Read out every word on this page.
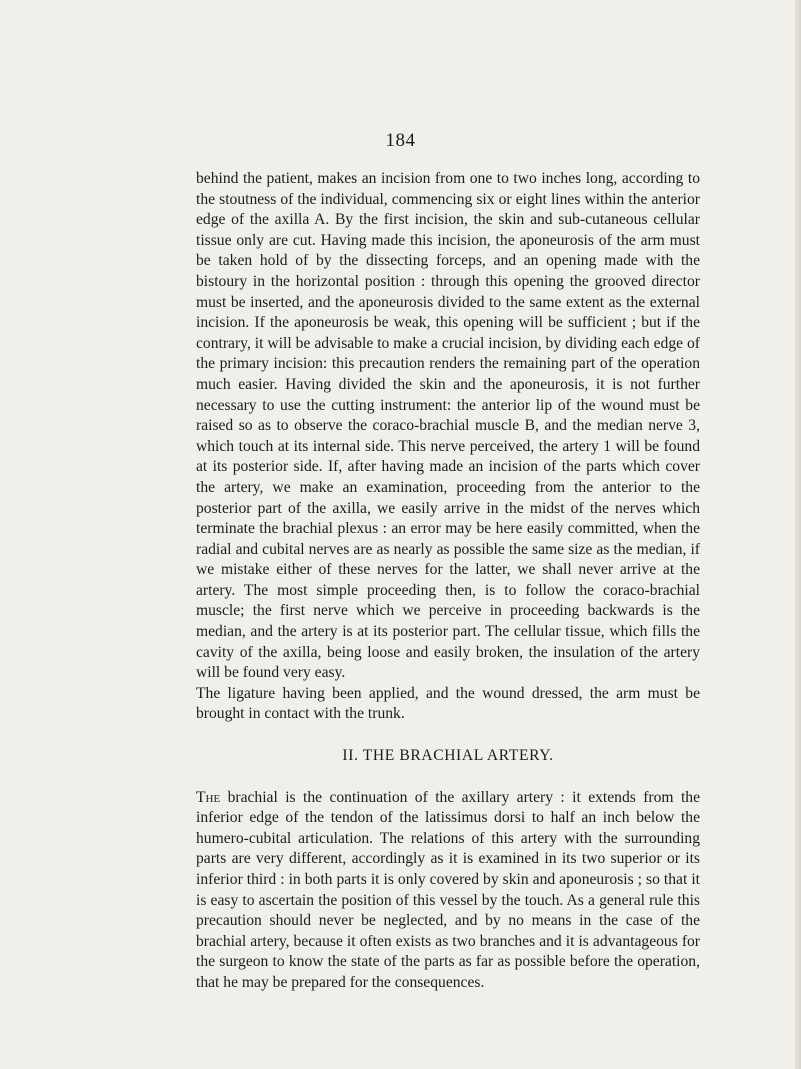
184

behind the patient, makes an incision from one to two inches long, according to the stoutness of the individual, commencing six or eight lines within the anterior edge of the axilla A. By the first incision, the skin and sub-cutaneous cellular tissue only are cut. Having made this incision, the aponeurosis of the arm must be taken hold of by the dissecting forceps, and an opening made with the bistoury in the horizontal position : through this opening the grooved director must be inserted, and the aponeurosis divided to the same extent as the external incision. If the aponeurosis be weak, this opening will be sufficient ; but if the contrary, it will be advisable to make a crucial incision, by dividing each edge of the primary incision: this precaution renders the remaining part of the operation much easier. Having divided the skin and the aponeurosis, it is not further necessary to use the cutting instrument: the anterior lip of the wound must be raised so as to observe the coraco-brachial muscle B, and the median nerve 3, which touch at its internal side. This nerve perceived, the artery 1 will be found at its posterior side. If, after having made an incision of the parts which cover the artery, we make an examination, proceeding from the anterior to the posterior part of the axilla, we easily arrive in the midst of the nerves which terminate the brachial plexus : an error may be here easily committed, when the radial and cubital nerves are as nearly as possible the same size as the median, if we mistake either of these nerves for the latter, we shall never arrive at the artery. The most simple proceeding then, is to follow the coraco-brachial muscle; the first nerve which we perceive in proceeding backwards is the median, and the artery is at its posterior part. The cellular tissue, which fills the cavity of the axilla, being loose and easily broken, the insulation of the artery will be found very easy.

The ligature having been applied, and the wound dressed, the arm must be brought in contact with the trunk.

II. THE BRACHIAL ARTERY.

The brachial is the continuation of the axillary artery : it extends from the inferior edge of the tendon of the latissimus dorsi to half an inch below the humero-cubital articulation. The relations of this artery with the surrounding parts are very different, accordingly as it is examined in its two superior or its inferior third : in both parts it is only covered by skin and aponeurosis ; so that it is easy to ascertain the position of this vessel by the touch. As a general rule this precaution should never be neglected, and by no means in the case of the brachial artery, because it often exists as two branches and it is advantageous for the surgeon to know the state of the parts as far as possible before the operation, that he may be prepared for the consequences.
